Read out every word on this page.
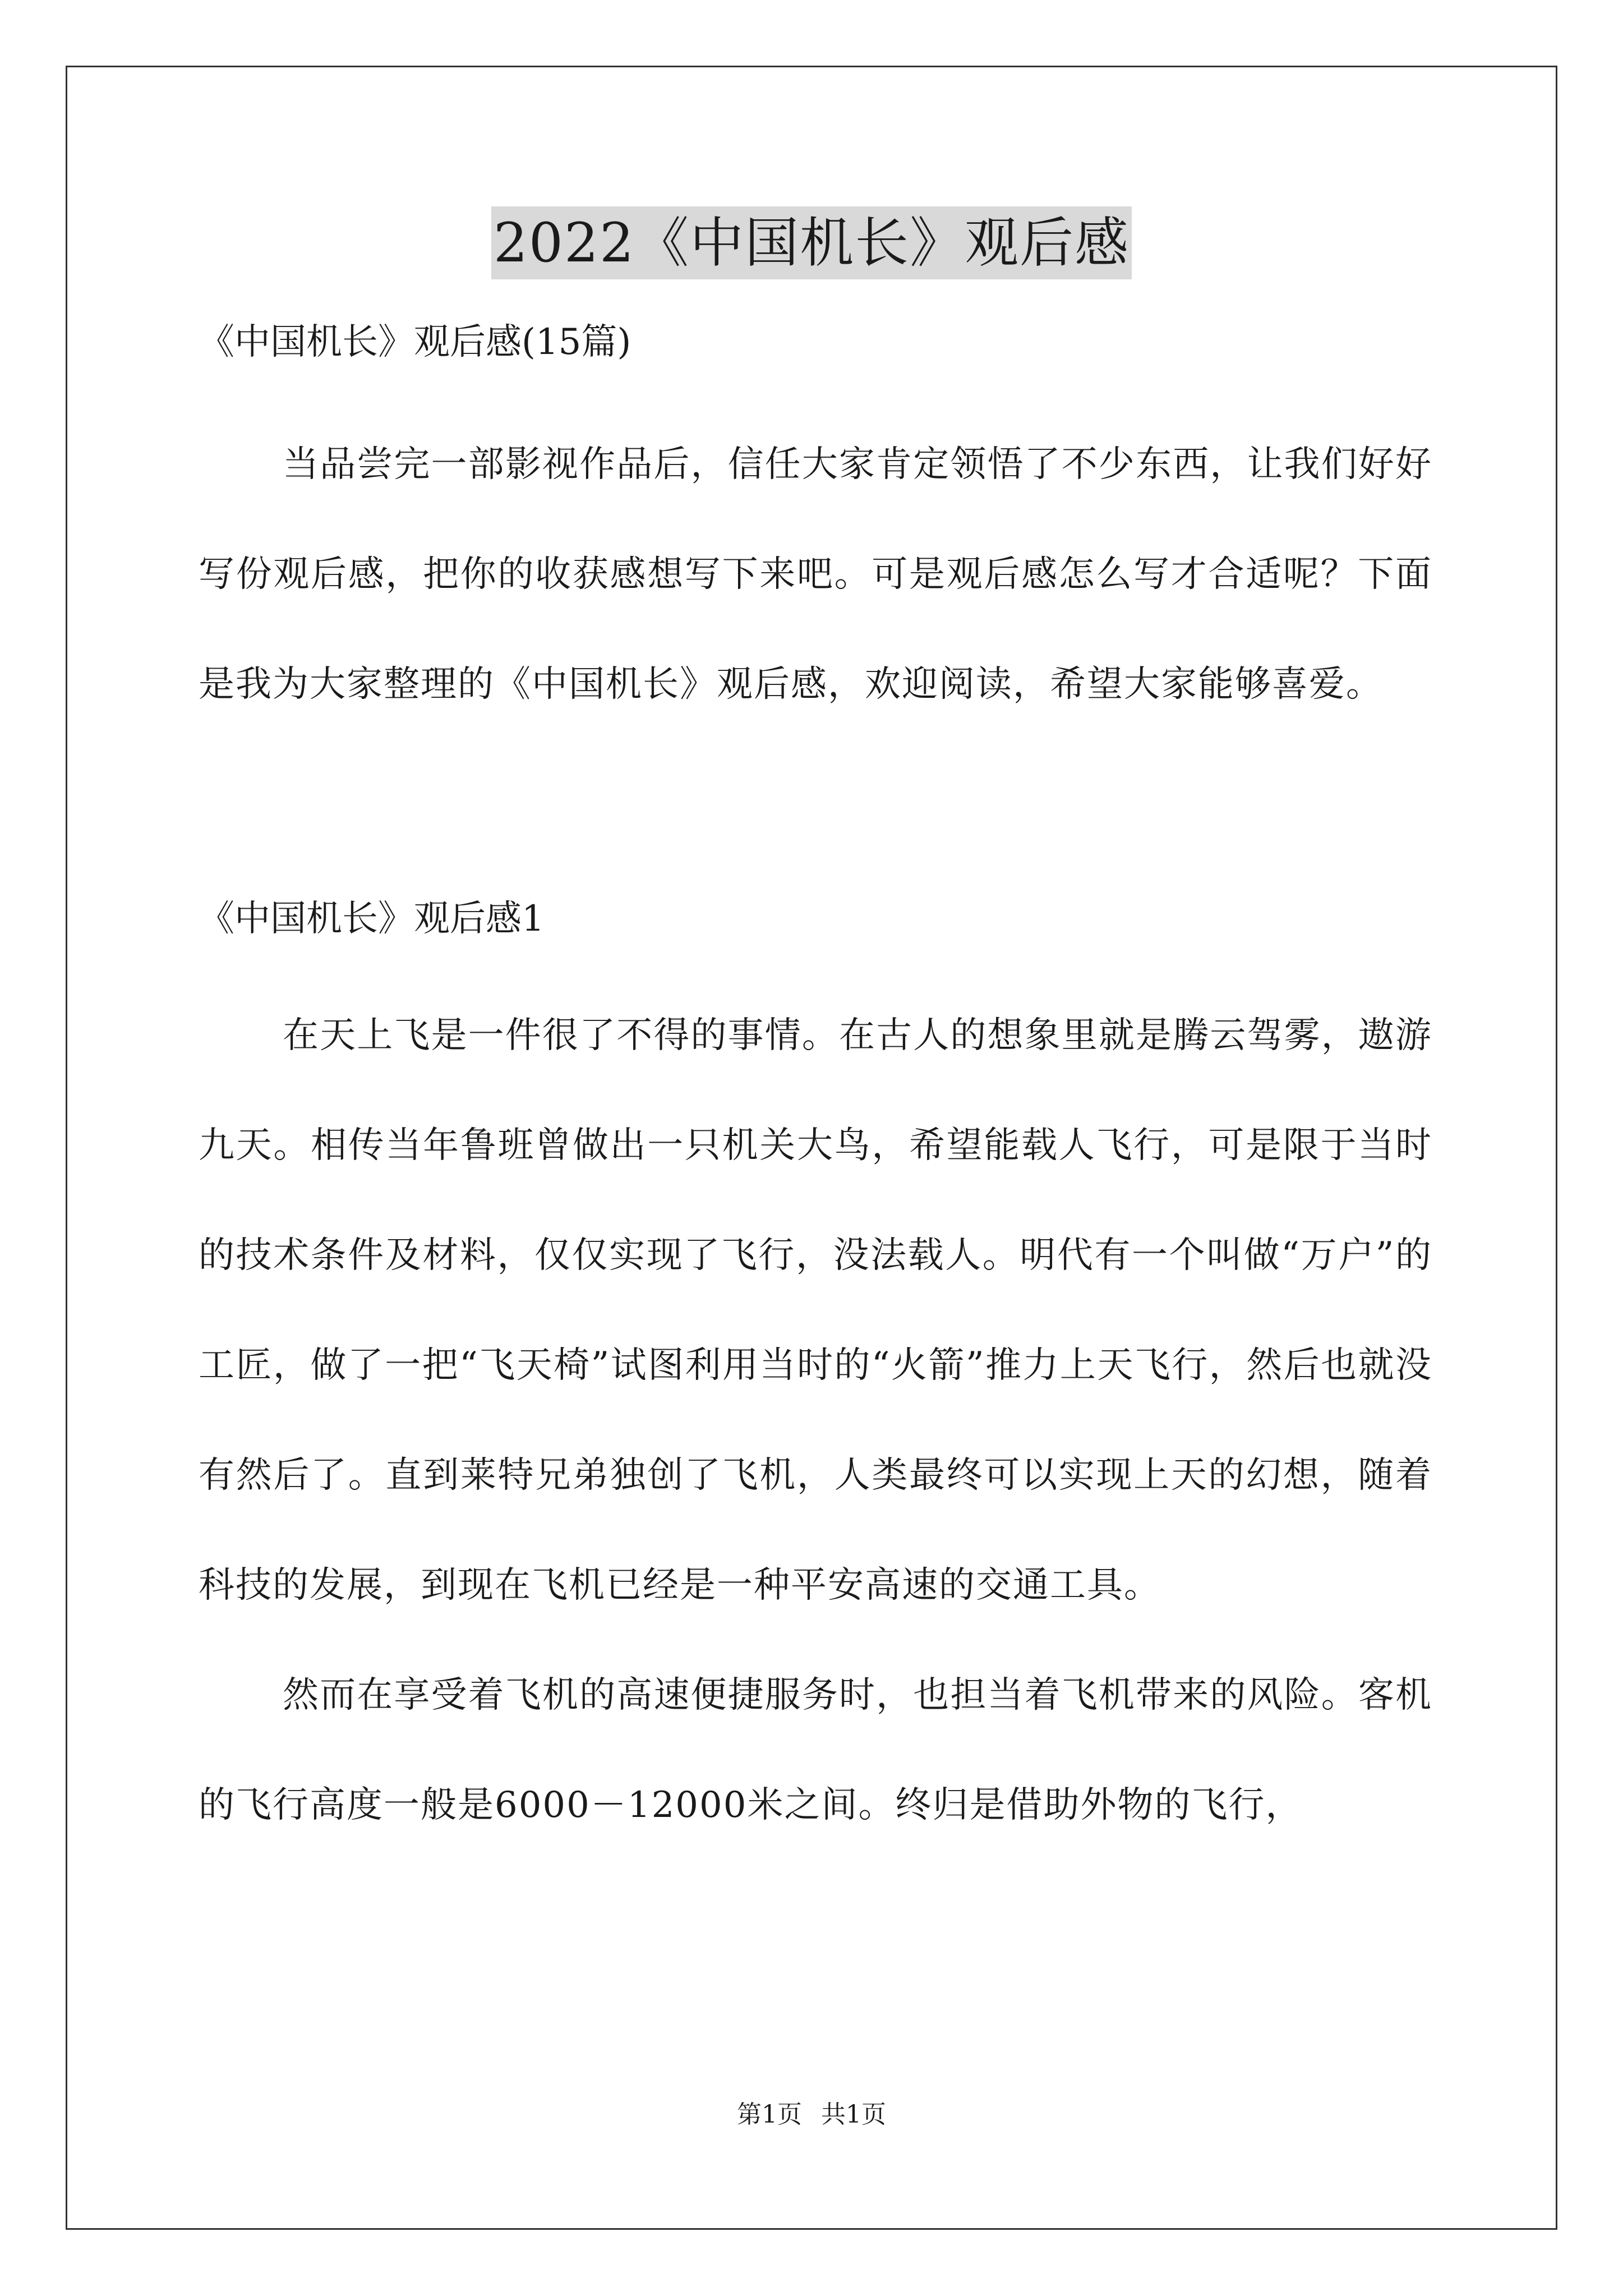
2022《中国机长》观后感

《中国机长》观后感(15篇)

当品尝完一部影视作品后，信任大家肯定领悟了不少东西，让我们好好写份观后感，把你的收获感想写下来吧。可是观后感怎么写才合适呢？下面是我为大家整理的《中国机长》观后感，欢迎阅读，希望大家能够喜爱。

《中国机长》观后感1

在天上飞是一件很了不得的事情。在古人的想象里就是腾云驾雾，遨游九天。相传当年鲁班曾做出一只机关大鸟，希望能载人飞行，可是限于当时的技术条件及材料，仅仅实现了飞行，没法载人。明代有一个叫做“万户”的工匠，做了一把“飞天椅”试图利用当时的“火箭”推力上天飞行，然后也就没有然后了。直到莱特兄弟独创了飞机，人类最终可以实现上天的幻想，随着科技的发展，到现在飞机已经是一种平安高速的交通工具。

然而在享受着飞机的高速便捷服务时，也担当着飞机带来的风险。客机的飞行高度一般是6000－12000米之间。终归是借助外物的飞行，

第1页 共1页
